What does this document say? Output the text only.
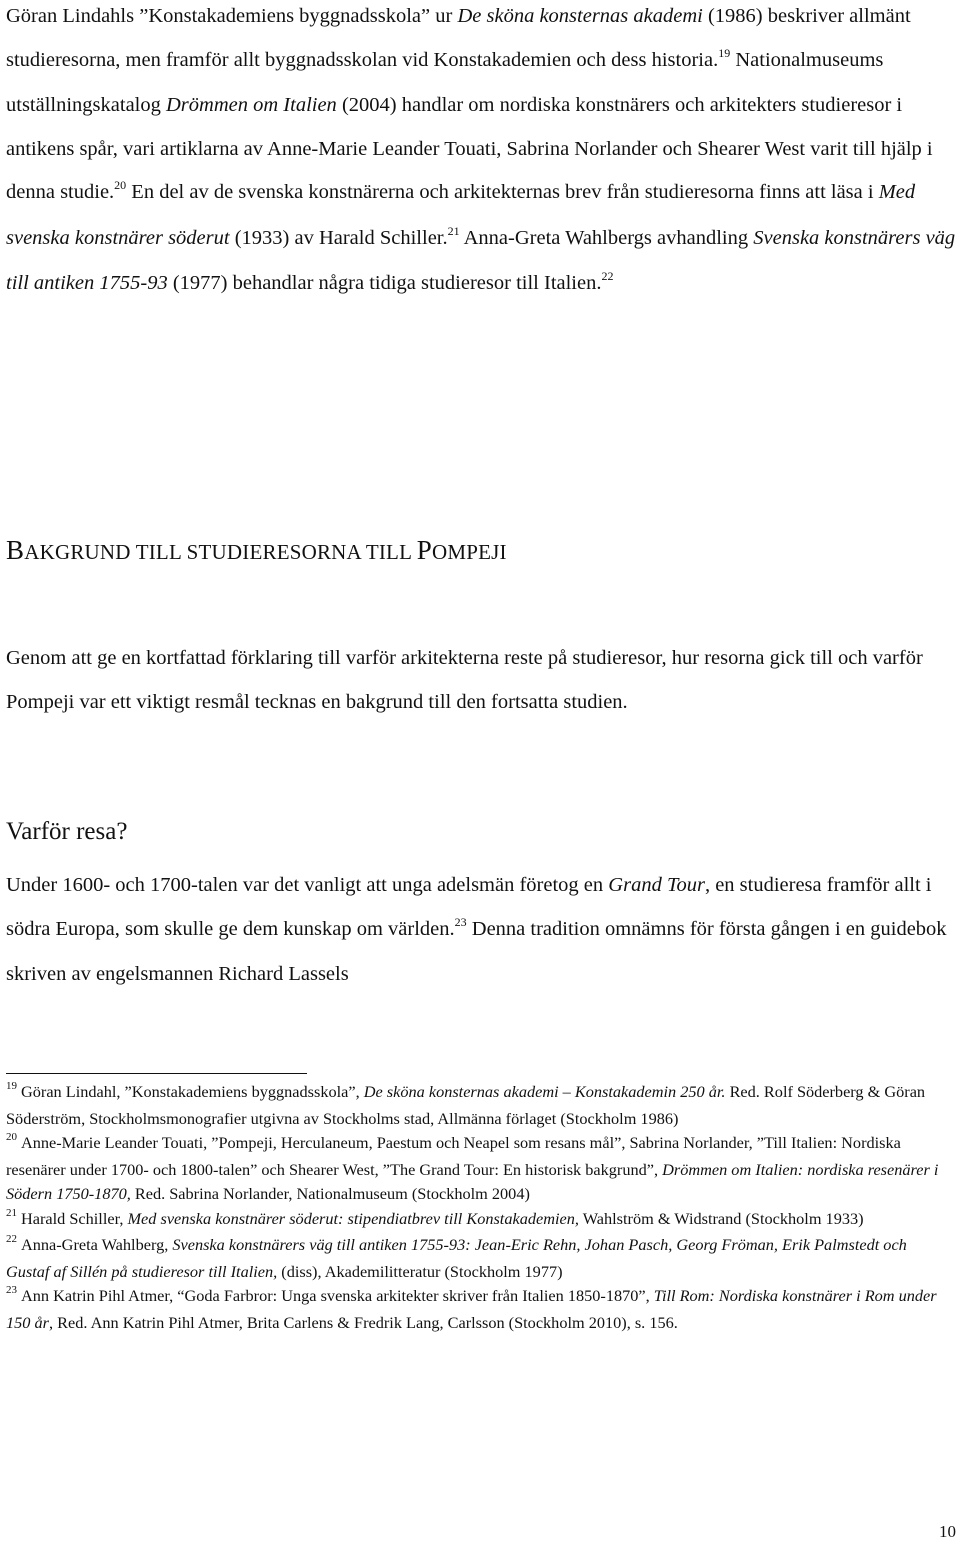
Göran Lindahls ”Konstakademiens byggnadsskola” ur De sköna konsternas akademi (1986) beskriver allmänt studieresorna, men framför allt byggnadsskolan vid Konstakademien och dess historia.$^{19}$ Nationalmuseums utställningskatalog Drömmen om Italien (2004) handlar om nordiska konstnärers och arkitekters studieresor i antikens spår, vari artiklarna av Anne-Marie Leander Touati, Sabrina Norlander och Shearer West varit till hjälp i denna studie.$^{20}$ En del av de svenska konstnärerna och arkitekternas brev från studieresorna finns att läsa i Med svenska konstnärer söderut (1933) av Harald Schiller.$^{21}$ Anna-Greta Wahlbergs avhandling Svenska konstnärers väg till antiken 1755-93 (1977) behandlar några tidiga studieresor till Italien.$^{22}$

BAKGRUND TILL STUDIERESORNA TILL POMPEJI

Genom att ge en kortfattad förklaring till varför arkitekterna reste på studieresor, hur resorna gick till och varför Pompeji var ett viktigt resmål tecknas en bakgrund till den fortsatta studien.

Varför resa?

Under 1600- och 1700-talen var det vanligt att unga adelsmän företog en Grand Tour, en studieresa framför allt i södra Europa, som skulle ge dem kunskap om världen.$^{23}$ Denna tradition omnämns för första gången i en guidebok skriven av engelsmannen Richard Lassels

$^{19}$ Göran Lindahl, ”Konstakademiens byggnadsskola”, De sköna konsternas akademi – Konstakademin 250 år. Red. Rolf Söderberg & Göran Söderström, Stockholmsmonografier utgivna av Stockholms stad, Allmänna förlaget (Stockholm 1986)

$^{20}$ Anne-Marie Leander Touati, ”Pompeji, Herculaneum, Paestum och Neapel som resans mål”, Sabrina Norlander, ”Till Italien: Nordiska resenärer under 1700- och 1800-talen” och Shearer West, ”The Grand Tour: En historisk bakgrund”, Drömmen om Italien: nordiska resenärer i Södern 1750-1870, Red. Sabrina Norlander, Nationalmuseum (Stockholm 2004)

$^{21}$ Harald Schiller, Med svenska konstnärer söderut: stipendiatbrev till Konstakademien, Wahlström & Widstrand (Stockholm 1933)

$^{22}$ Anna-Greta Wahlberg, Svenska konstnärers väg till antiken 1755-93: Jean-Eric Rehn, Johan Pasch, Georg Fröman, Erik Palmstedt och Gustaf af Sillén på studieresor till Italien, (diss), Akademilitteratur (Stockholm 1977)

$^{23}$ Ann Katrin Pihl Atmer, “Goda Farbror: Unga svenska arkitekter skriver från Italien 1850-1870”, Till Rom: Nordiska konstnärer i Rom under 150 år, Red. Ann Katrin Pihl Atmer, Brita Carlens & Fredrik Lang, Carlsson (Stockholm 2010), s. 156.

10
